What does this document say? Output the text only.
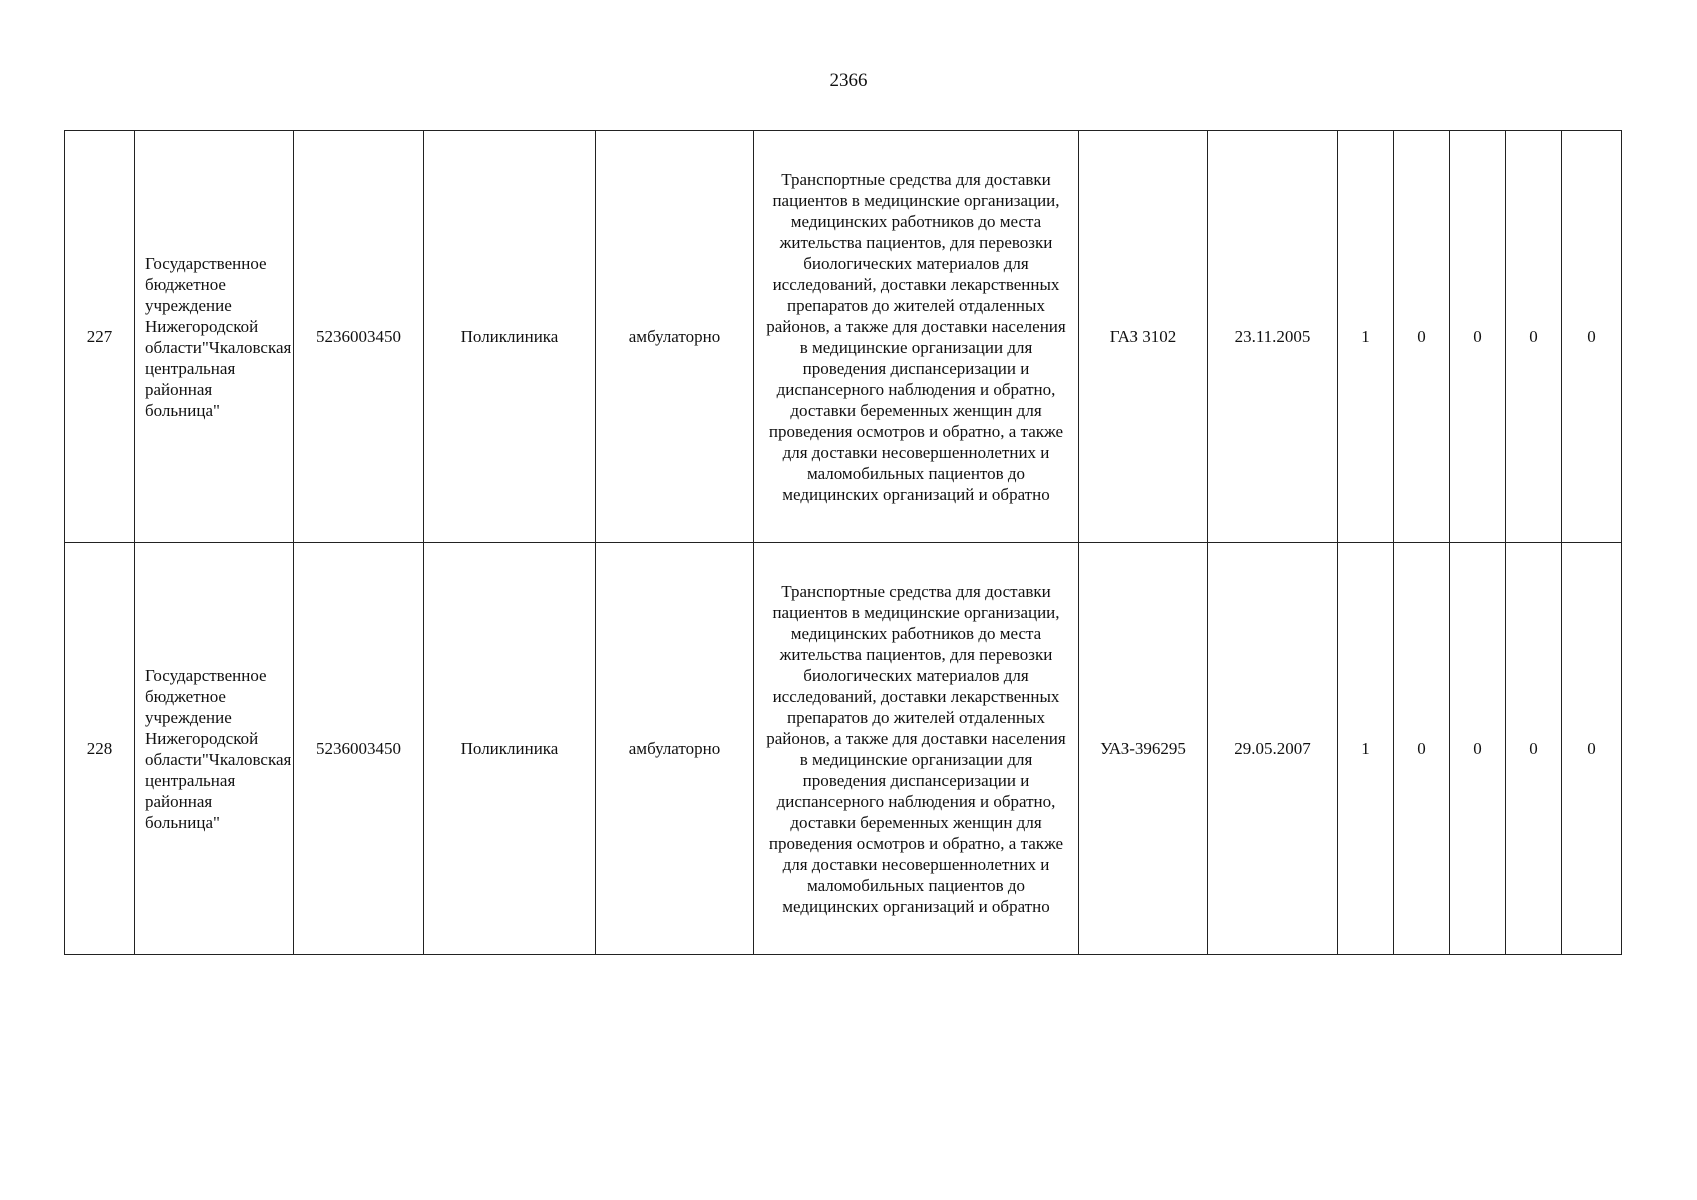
2366
227	Государственное бюджетное учреждение Нижегородской области"Чкаловская центральная районная больница"	5236003450	Поликлиника	амбулаторно	Транспортные средства для доставки пациентов в медицинские организации, медицинских работников до места жительства пациентов, для перевозки биологических материалов для исследований, доставки лекарственных препаратов до жителей отдаленных районов, а также для доставки населения в медицинские организации для проведения диспансеризации и диспансерного наблюдения и обратно, доставки беременных женщин для проведения осмотров и обратно, а также для доставки несовершеннолетних и маломобильных пациентов до медицинских организаций и обратно	ГАЗ 3102	23.11.2005	1	0	0	0	0
228	Государственное бюджетное учреждение Нижегородской области"Чкаловская центральная районная больница"	5236003450	Поликлиника	амбулаторно	Транспортные средства для доставки пациентов в медицинские организации, медицинских работников до места жительства пациентов, для перевозки биологических материалов для исследований, доставки лекарственных препаратов до жителей отдаленных районов, а также для доставки населения в медицинские организации для проведения диспансеризации и диспансерного наблюдения и обратно, доставки беременных женщин для проведения осмотров и обратно, а также для доставки несовершеннолетних и маломобильных пациентов до медицинских организаций и обратно	УАЗ-396295	29.05.2007	1	0	0	0	0
